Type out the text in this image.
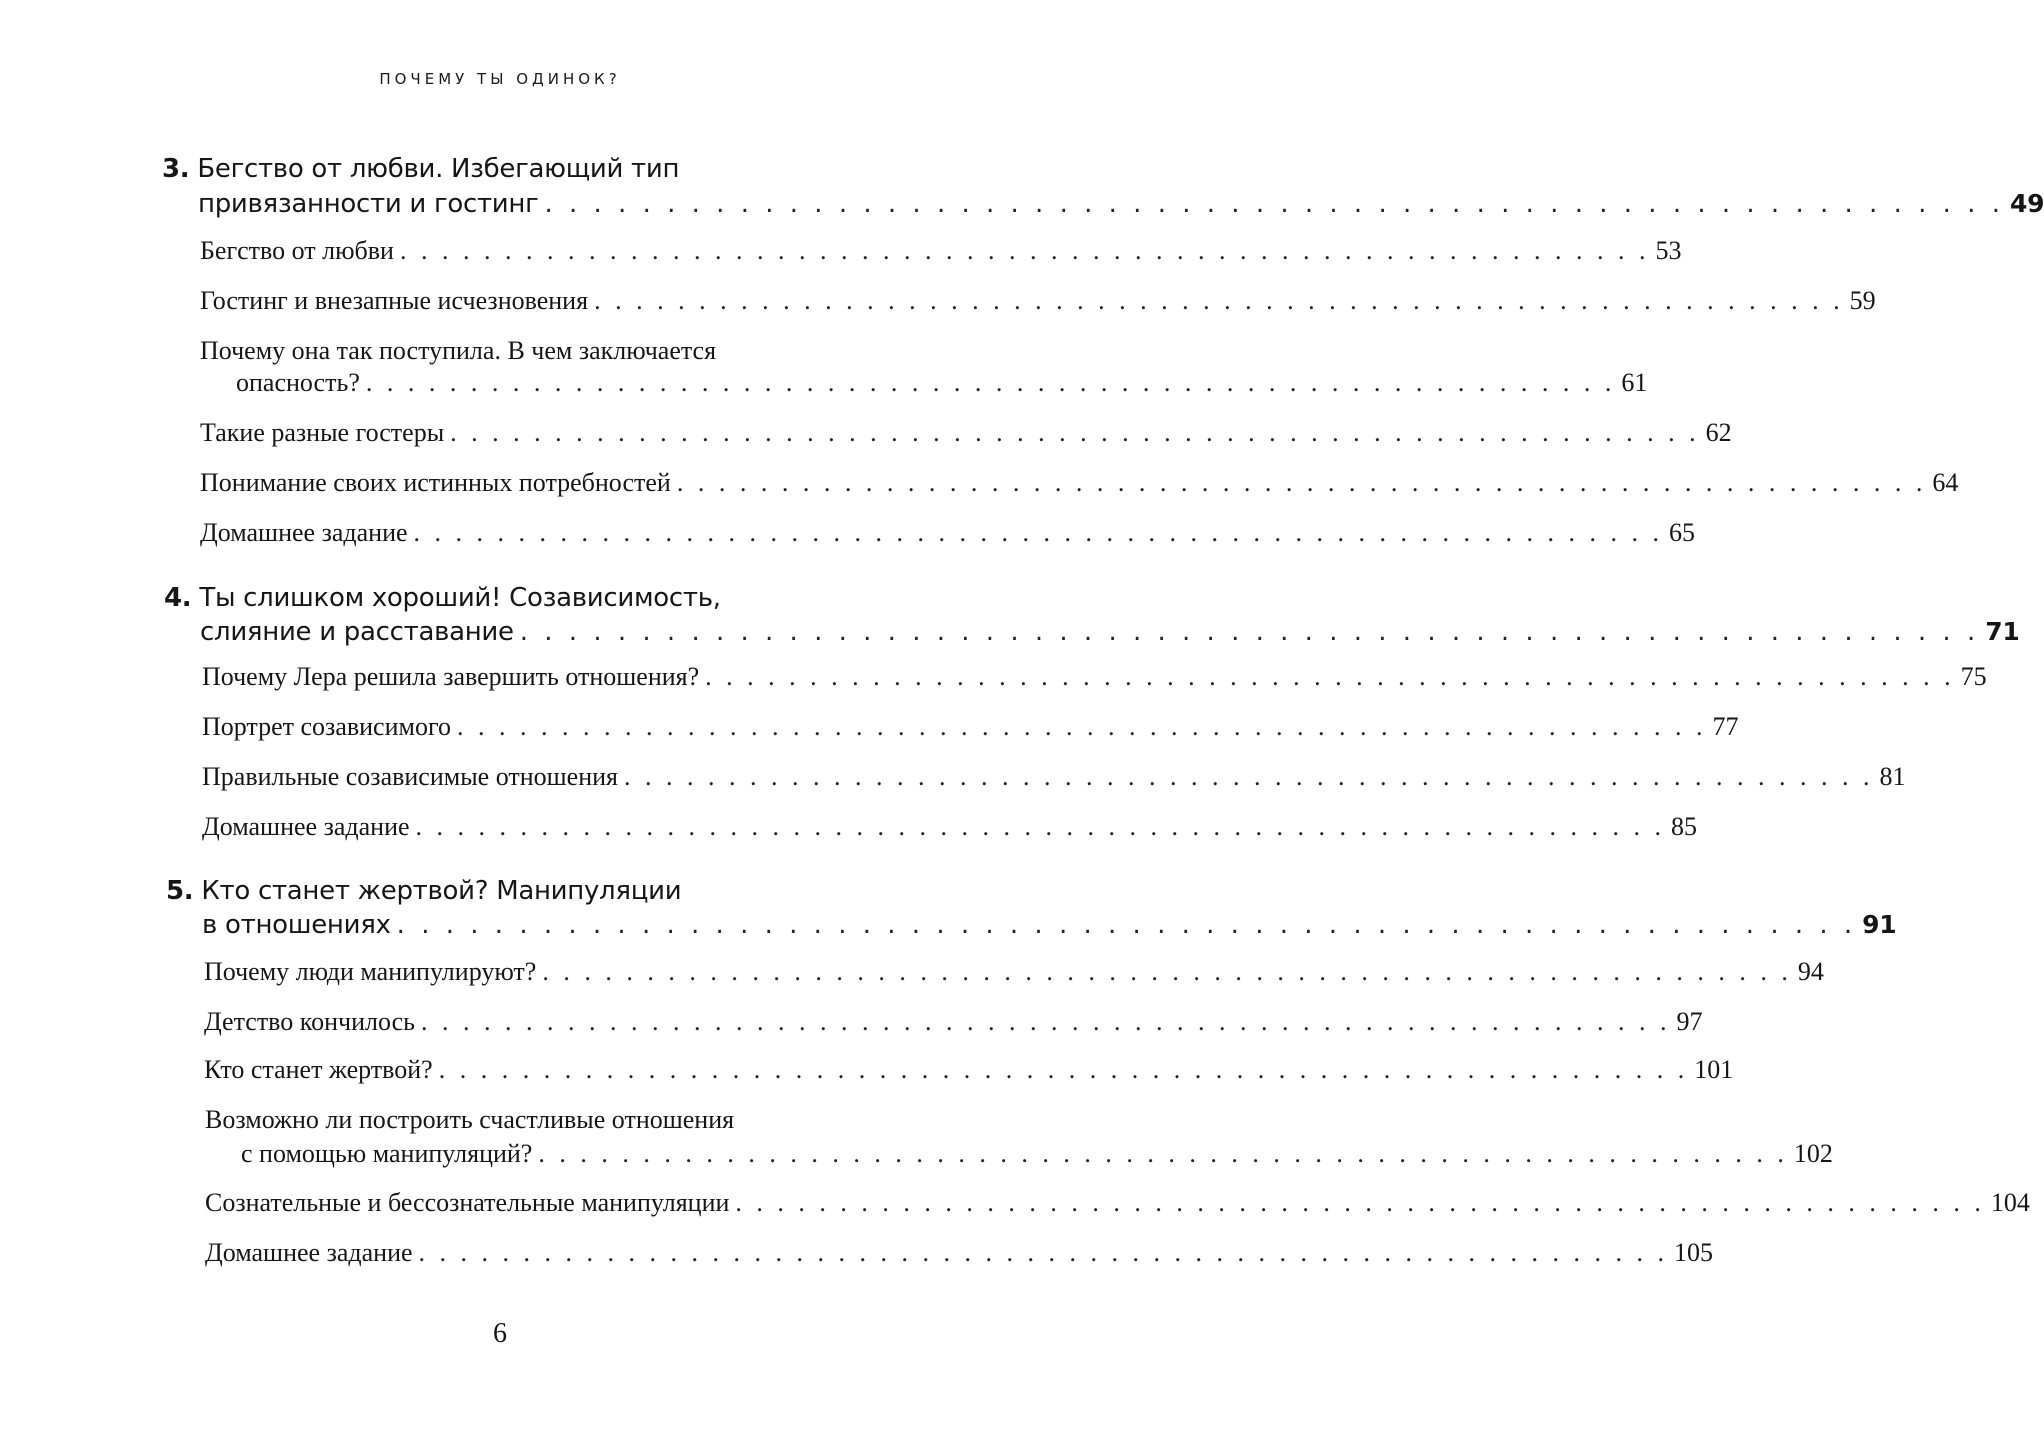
ПОЧЕМУ ТЫ ОДИНОК?
3. Бегство от любви. Избегающий тип
привязанности и гостинг . . . . . . . . . . . . . . . . . . . . . . . . . . . . . . . . . . . . . . . . . . . . . . . . . . . . . . . . . . . . 49
Бегство от любви . . . . . . . . . . . . . . . . . . . . . . . . . . . . . . . . . . . . . . . . . . . . . . . . . . . . . . . . . . . . 53
Гостинг и внезапные исчезновения . . . . . . . . . . . . . . . . . . . . . . . . . . . . . . . . . . . . . . . . . . . . . . . . . . . . . . . . . . . . 59
Почему она так поступила. В чем заключается
опасность? . . . . . . . . . . . . . . . . . . . . . . . . . . . . . . . . . . . . . . . . . . . . . . . . . . . . . . . . . . . . 61
Такие разные гостеры . . . . . . . . . . . . . . . . . . . . . . . . . . . . . . . . . . . . . . . . . . . . . . . . . . . . . . . . . . . . 62
Понимание своих истинных потребностей . . . . . . . . . . . . . . . . . . . . . . . . . . . . . . . . . . . . . . . . . . . . . . . . . . . . . . . . . . . . 64
Домашнее задание . . . . . . . . . . . . . . . . . . . . . . . . . . . . . . . . . . . . . . . . . . . . . . . . . . . . . . . . . . . . 65
4. Ты слишком хороший! Созависимость,
слияние и расставание . . . . . . . . . . . . . . . . . . . . . . . . . . . . . . . . . . . . . . . . . . . . . . . . . . . . . . . . . . . . 71
Почему Лера решила завершить отношения? . . . . . . . . . . . . . . . . . . . . . . . . . . . . . . . . . . . . . . . . . . . . . . . . . . . . . . . . . . . . 75
Портрет созависимого . . . . . . . . . . . . . . . . . . . . . . . . . . . . . . . . . . . . . . . . . . . . . . . . . . . . . . . . . . . . 77
Правильные созависимые отношения . . . . . . . . . . . . . . . . . . . . . . . . . . . . . . . . . . . . . . . . . . . . . . . . . . . . . . . . . . . . 81
Домашнее задание . . . . . . . . . . . . . . . . . . . . . . . . . . . . . . . . . . . . . . . . . . . . . . . . . . . . . . . . . . . . 85
5. Кто станет жертвой? Манипуляции
в отношениях . . . . . . . . . . . . . . . . . . . . . . . . . . . . . . . . . . . . . . . . . . . . . . . . . . . . . . . . . . . . 91
Почему люди манипулируют? . . . . . . . . . . . . . . . . . . . . . . . . . . . . . . . . . . . . . . . . . . . . . . . . . . . . . . . . . . . . 94
Детство кончилось . . . . . . . . . . . . . . . . . . . . . . . . . . . . . . . . . . . . . . . . . . . . . . . . . . . . . . . . . . . . 97
Кто станет жертвой? . . . . . . . . . . . . . . . . . . . . . . . . . . . . . . . . . . . . . . . . . . . . . . . . . . . . . . . . . . . . 101
Возможно ли построить счастливые отношения
с помощью манипуляций? . . . . . . . . . . . . . . . . . . . . . . . . . . . . . . . . . . . . . . . . . . . . . . . . . . . . . . . . . . . . 102
Сознательные и бессознательные манипуляции . . . . . . . . . . . . . . . . . . . . . . . . . . . . . . . . . . . . . . . . . . . . . . . . . . . . . . . . . . . . 104
Домашнее задание . . . . . . . . . . . . . . . . . . . . . . . . . . . . . . . . . . . . . . . . . . . . . . . . . . . . . . . . . . . . 105
6
